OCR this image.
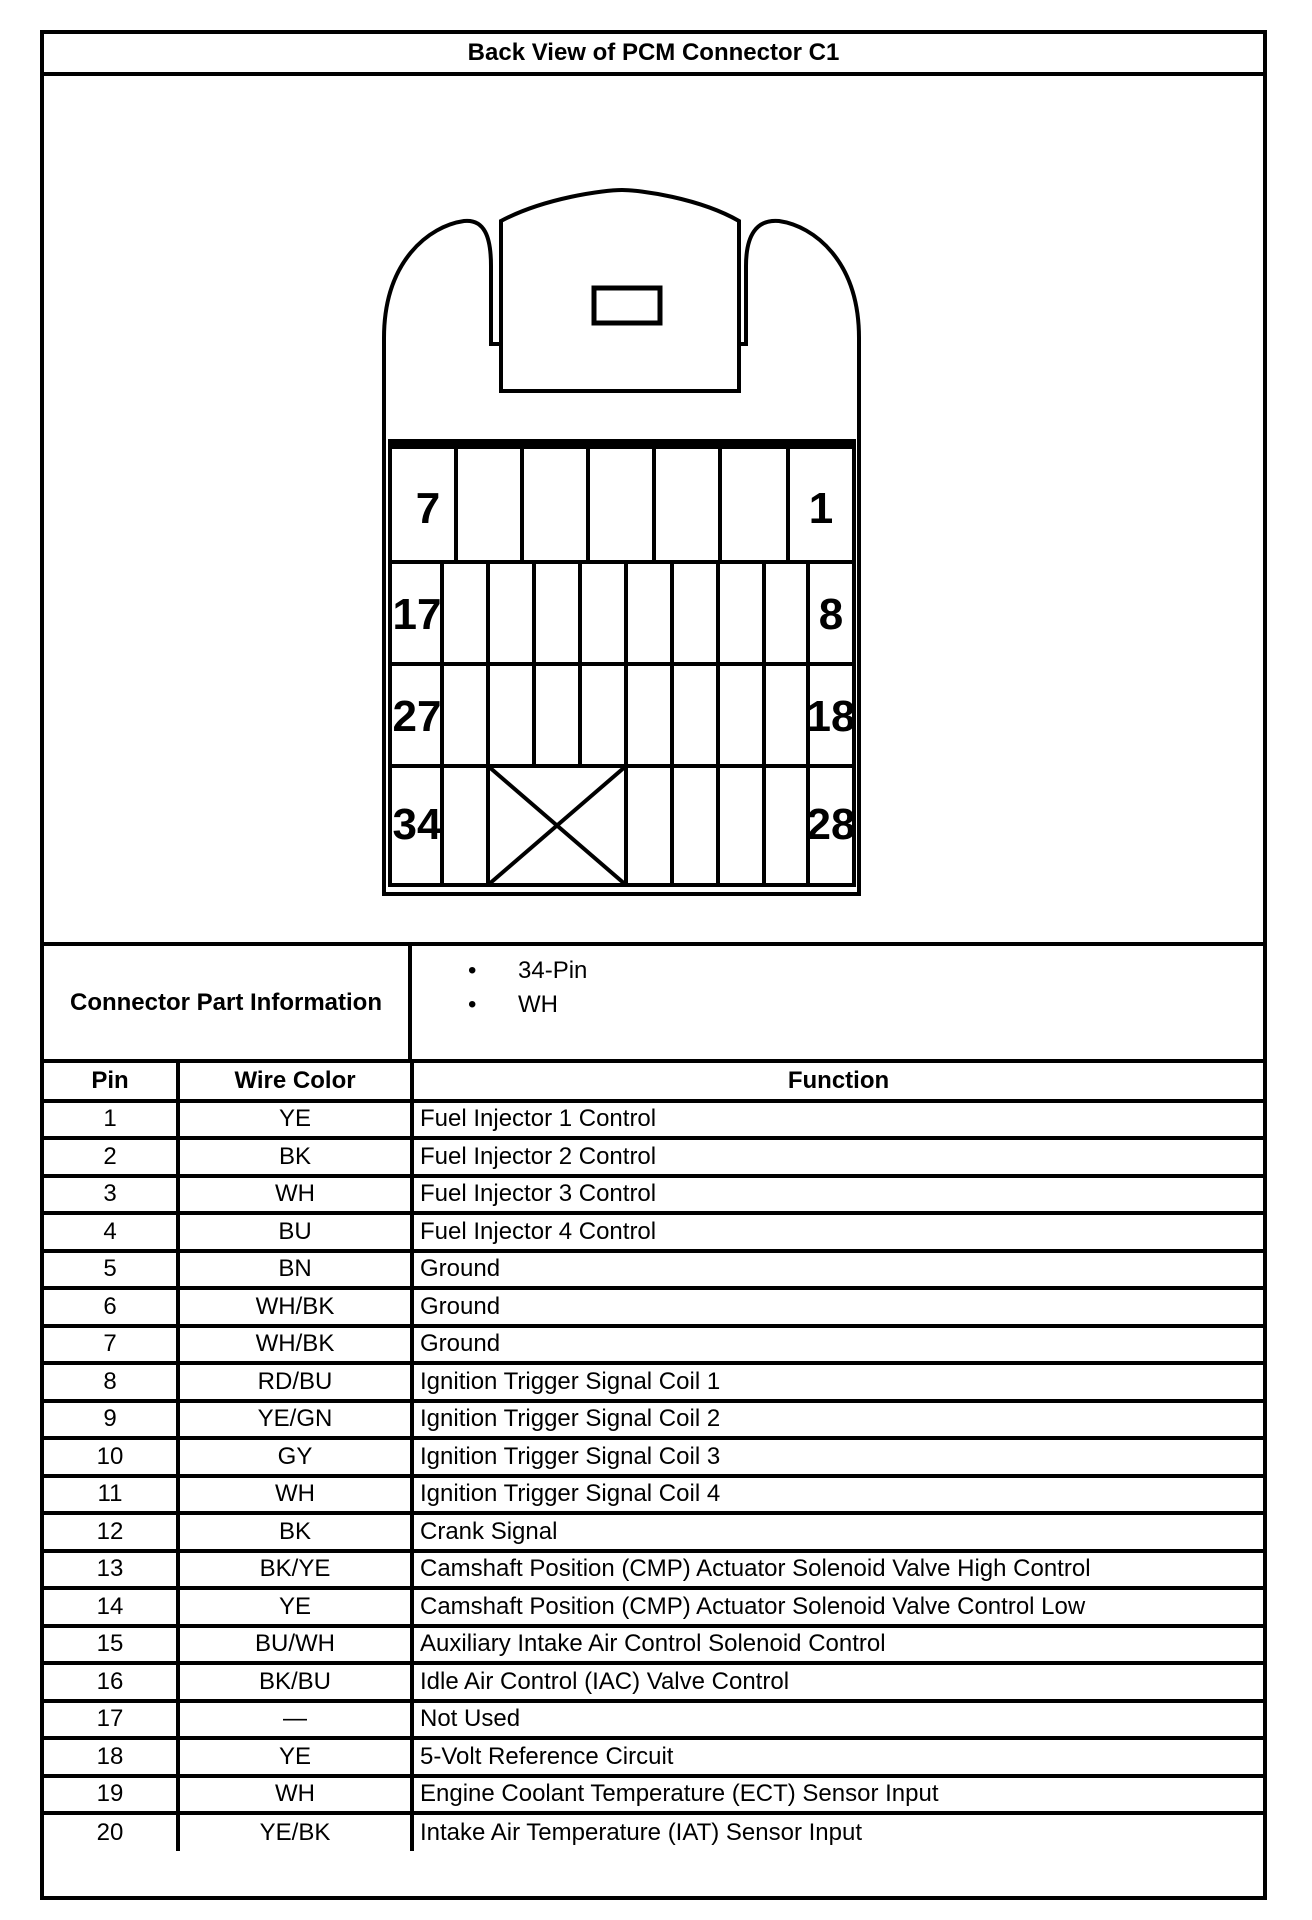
Back View of PCM Connector C1
7	1
17	8
27	18
34	28
Connector Part Information
• 34-Pin
• WH
Pin	Wire Color	Function
1	YE	Fuel Injector 1 Control
2	BK	Fuel Injector 2 Control
3	WH	Fuel Injector 3 Control
4	BU	Fuel Injector 4 Control
5	BN	Ground
6	WH/BK	Ground
7	WH/BK	Ground
8	RD/BU	Ignition Trigger Signal Coil 1
9	YE/GN	Ignition Trigger Signal Coil 2
10	GY	Ignition Trigger Signal Coil 3
11	WH	Ignition Trigger Signal Coil 4
12	BK	Crank Signal
13	BK/YE	Camshaft Position (CMP) Actuator Solenoid Valve High Control
14	YE	Camshaft Position (CMP) Actuator Solenoid Valve Control Low
15	BU/WH	Auxiliary Intake Air Control Solenoid Control
16	BK/BU	Idle Air Control (IAC) Valve Control
17	—	Not Used
18	YE	5-Volt Reference Circuit
19	WH	Engine Coolant Temperature (ECT) Sensor Input
20	YE/BK	Intake Air Temperature (IAT) Sensor Input
